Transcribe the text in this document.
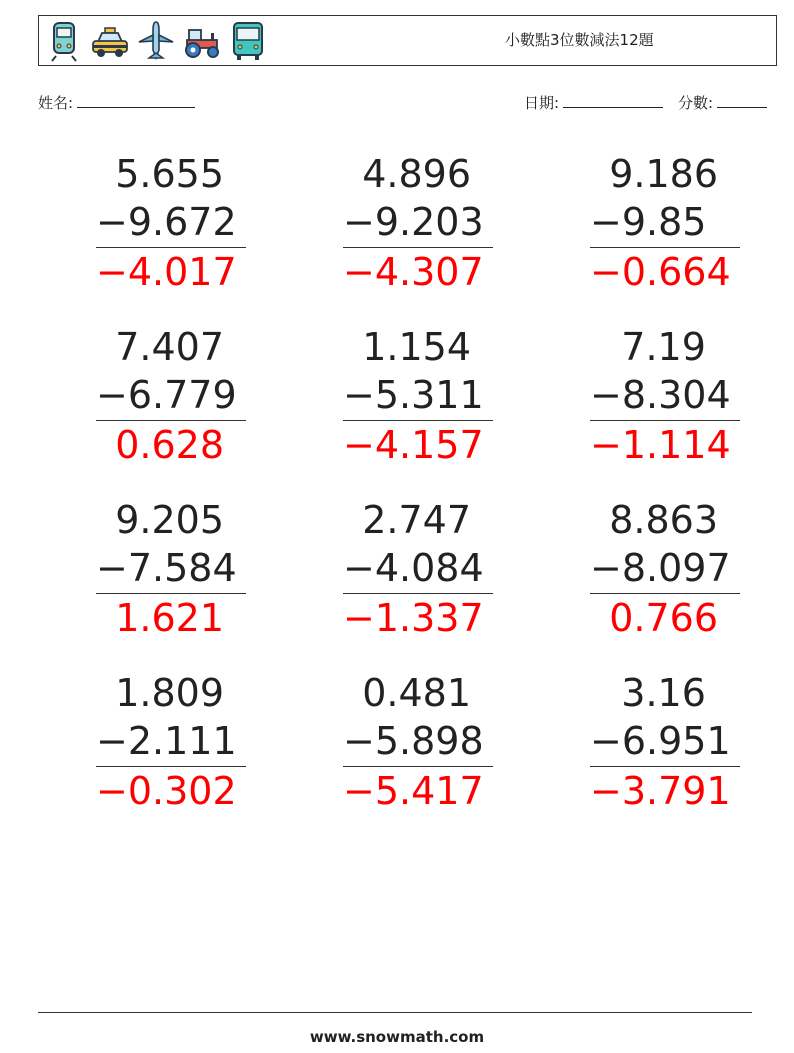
小數點3位數減法12題
姓名:	日期:	分數:
5.655
−9.672
−4.017
4.896
−9.203
−4.307
9.186
−9.85
−0.664
7.407
−6.779
0.628
1.154
−5.311
−4.157
7.19
−8.304
−1.114
9.205
−7.584
1.621
2.747
−4.084
−1.337
8.863
−8.097
0.766
1.809
−2.111
−0.302
0.481
−5.898
−5.417
3.16
−6.951
−3.791
www.snowmath.com
